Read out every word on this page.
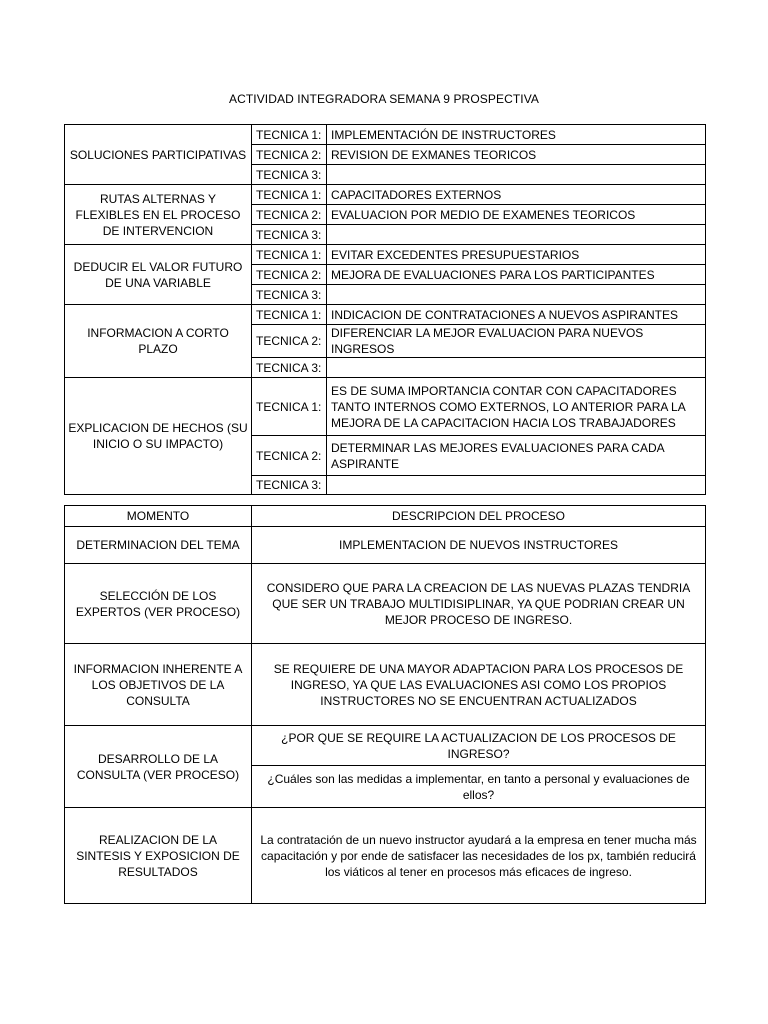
ACTIVIDAD INTEGRADORA SEMANA 9 PROSPECTIVA
SOLUCIONES PARTICIPATIVAS	TECNICA 1:	IMPLEMENTACIÓN DE INSTRUCTORES
	TECNICA 2:	REVISION DE EXMANES TEORICOS
	TECNICA 3:	
RUTAS ALTERNAS Y FLEXIBLES EN EL PROCESO DE INTERVENCION	TECNICA 1:	CAPACITADORES EXTERNOS
	TECNICA 2:	EVALUACION POR MEDIO DE EXAMENES TEORICOS
	TECNICA 3:	
DEDUCIR EL VALOR FUTURO DE UNA VARIABLE	TECNICA 1:	EVITAR EXCEDENTES PRESUPUESTARIOS
	TECNICA 2:	MEJORA DE EVALUACIONES PARA LOS PARTICIPANTES
	TECNICA 3:	
INFORMACION A CORTO PLAZO	TECNICA 1:	INDICACION DE CONTRATACIONES A NUEVOS ASPIRANTES
	TECNICA 2:	DIFERENCIAR LA MEJOR EVALUACION PARA NUEVOS INGRESOS
	TECNICA 3:	
EXPLICACION DE HECHOS (SU INICIO O SU IMPACTO)	TECNICA 1:	ES DE SUMA IMPORTANCIA CONTAR CON CAPACITADORES TANTO INTERNOS COMO EXTERNOS, LO ANTERIOR PARA LA MEJORA DE LA CAPACITACION HACIA LOS TRABAJADORES
	TECNICA 2:	DETERMINAR LAS MEJORES EVALUACIONES PARA CADA ASPIRANTE
	TECNICA 3:	
MOMENTO	DESCRIPCION DEL PROCESO
DETERMINACION DEL TEMA	IMPLEMENTACION DE NUEVOS INSTRUCTORES
SELECCIÓN DE LOS EXPERTOS (VER PROCESO)	CONSIDERO QUE PARA LA CREACION DE LAS NUEVAS PLAZAS TENDRIA QUE SER UN TRABAJO MULTIDISIPLINAR, YA QUE PODRIAN CREAR UN MEJOR PROCESO DE INGRESO.
INFORMACION INHERENTE A LOS OBJETIVOS DE LA CONSULTA	SE REQUIERE DE UNA MAYOR ADAPTACION PARA LOS PROCESOS DE INGRESO, YA QUE LAS EVALUACIONES ASI COMO LOS PROPIOS INSTRUCTORES NO SE ENCUENTRAN ACTUALIZADOS
DESARROLLO DE LA CONSULTA (VER PROCESO)	¿POR QUE SE REQUIRE LA ACTUALIZACION DE LOS PROCESOS DE INGRESO?
	¿Cuáles son las medidas a implementar, en tanto a personal y evaluaciones de ellos?
REALIZACION DE LA SINTESIS Y EXPOSICION DE RESULTADOS	La contratación de un nuevo instructor ayudará a la empresa en tener mucha más capacitación y por ende de satisfacer las necesidades de los px, también reducirá los viáticos al tener en procesos más eficaces de ingreso.
